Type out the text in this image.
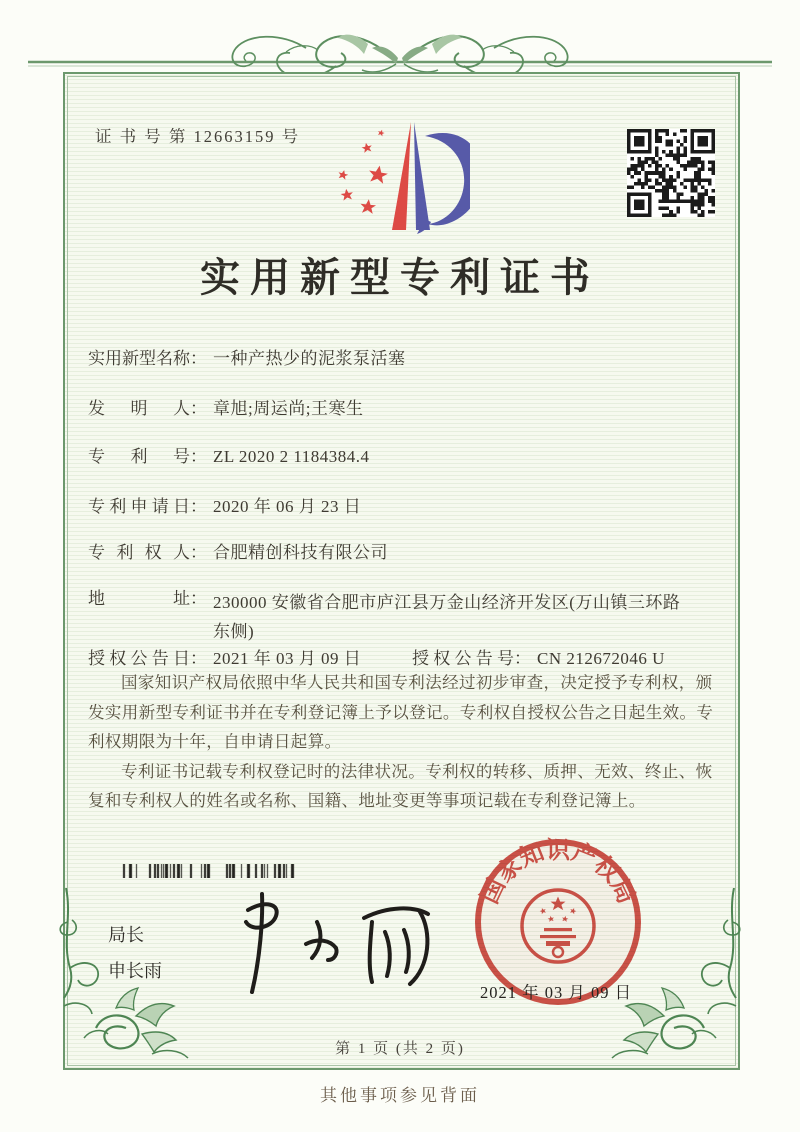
证 书 号 第 12663159 号
实用新型专利证书
实用新型名称： 一种产热少的泥浆泵活塞
发明人： 章旭;周运尚;王寒生
专利号： ZL 2020 2 1184384.4
专利申请日： 2020 年 06 月 23 日
专利权人： 合肥精创科技有限公司
地址： 230000 安徽省合肥市庐江县万金山经济开发区(万山镇三环路东侧)
授权公告日： 2021 年 03 月 09 日	授权公告号： CN 212672046 U

国家知识产权局依照中华人民共和国专利法经过初步审查，决定授予专利权，颁发实用新型专利证书并在专利登记簿上予以登记。专利权自授权公告之日起生效。专利权期限为十年，自申请日起算。

专利证书记载专利权登记时的法律状况。专利权的转移、质押、无效、终止、恢复和专利权人的姓名或名称、国籍、地址变更等事项记载在专利登记簿上。

局长
申长雨
国家知识产权局
2021 年 03 月 09 日
第 1 页 (共 2 页)
其他事项参见背面
